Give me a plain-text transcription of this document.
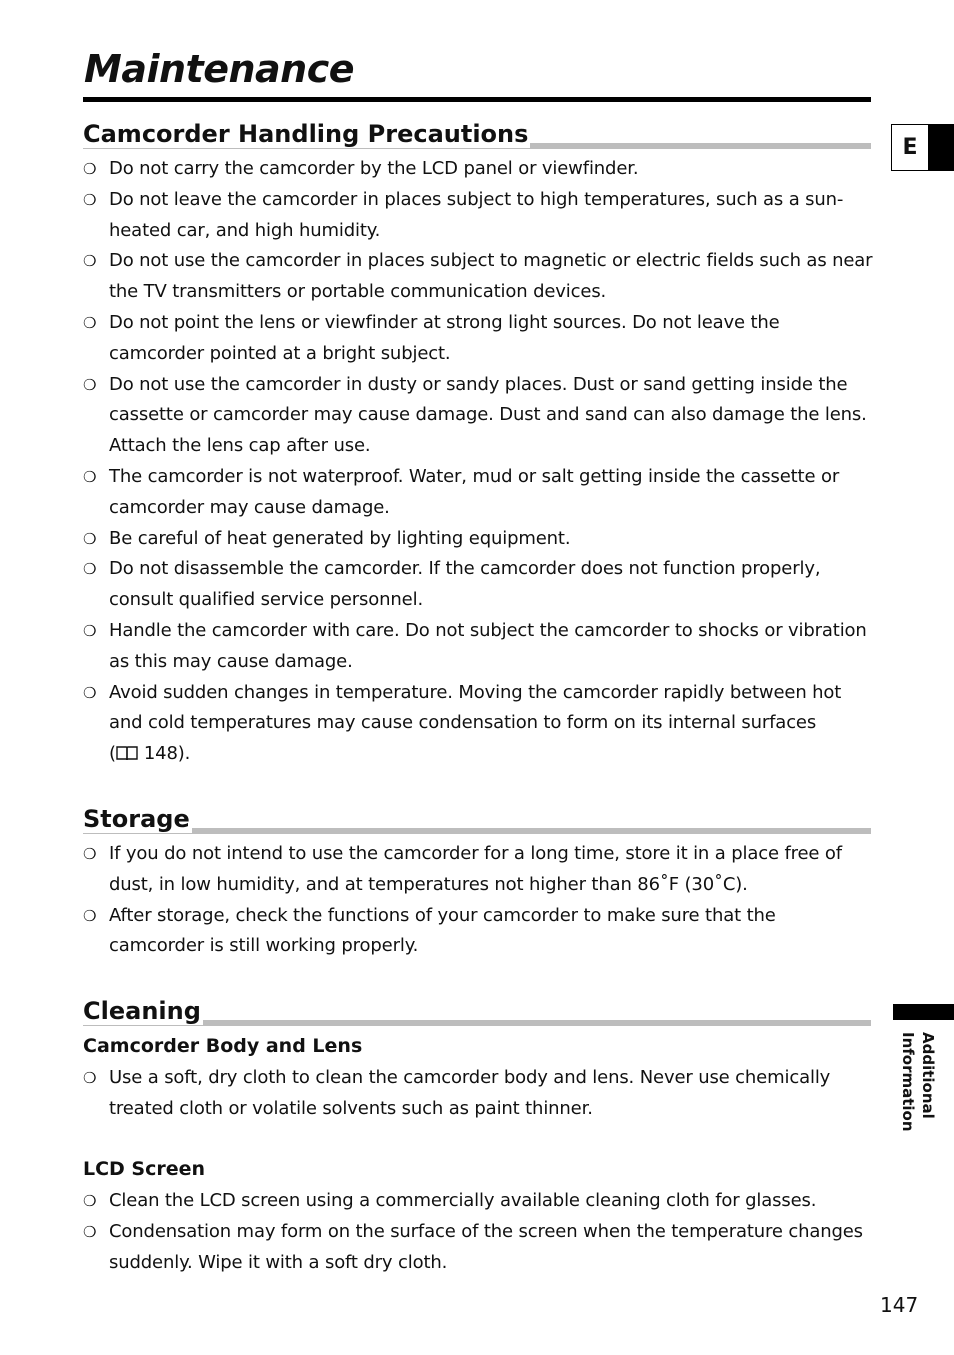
Maintenance
E
Camcorder Handling Precautions
❍ Do not carry the camcorder by the LCD panel or viewfinder.
❍ Do not leave the camcorder in places subject to high temperatures, such as a sun-heated car, and high humidity.
❍ Do not use the camcorder in places subject to magnetic or electric fields such as near the TV transmitters or portable communication devices.
❍ Do not point the lens or viewfinder at strong light sources. Do not leave the camcorder pointed at a bright subject.
❍ Do not use the camcorder in dusty or sandy places. Dust or sand getting inside the cassette or camcorder may cause damage. Dust and sand can also damage the lens. Attach the lens cap after use.
❍ The camcorder is not waterproof. Water, mud or salt getting inside the cassette or camcorder may cause damage.
❍ Be careful of heat generated by lighting equipment.
❍ Do not disassemble the camcorder. If the camcorder does not function properly, consult qualified service personnel.
❍ Handle the camcorder with care. Do not subject the camcorder to shocks or vibration as this may cause damage.
❍ Avoid sudden changes in temperature. Moving the camcorder rapidly between hot and cold temperatures may cause condensation to form on its internal surfaces
( 148).
Storage
❍ If you do not intend to use the camcorder for a long time, store it in a place free of dust, in low humidity, and at temperatures not higher than 86˚F (30˚C).
❍ After storage, check the functions of your camcorder to make sure that the camcorder is still working properly.
Cleaning
Camcorder Body and Lens
❍ Use a soft, dry cloth to clean the camcorder body and lens. Never use chemically treated cloth or volatile solvents such as paint thinner.
LCD Screen
❍ Clean the LCD screen using a commercially available cleaning cloth for glasses.
❍ Condensation may form on the surface of the screen when the temperature changes suddenly. Wipe it with a soft dry cloth.
Additional
Information
147
